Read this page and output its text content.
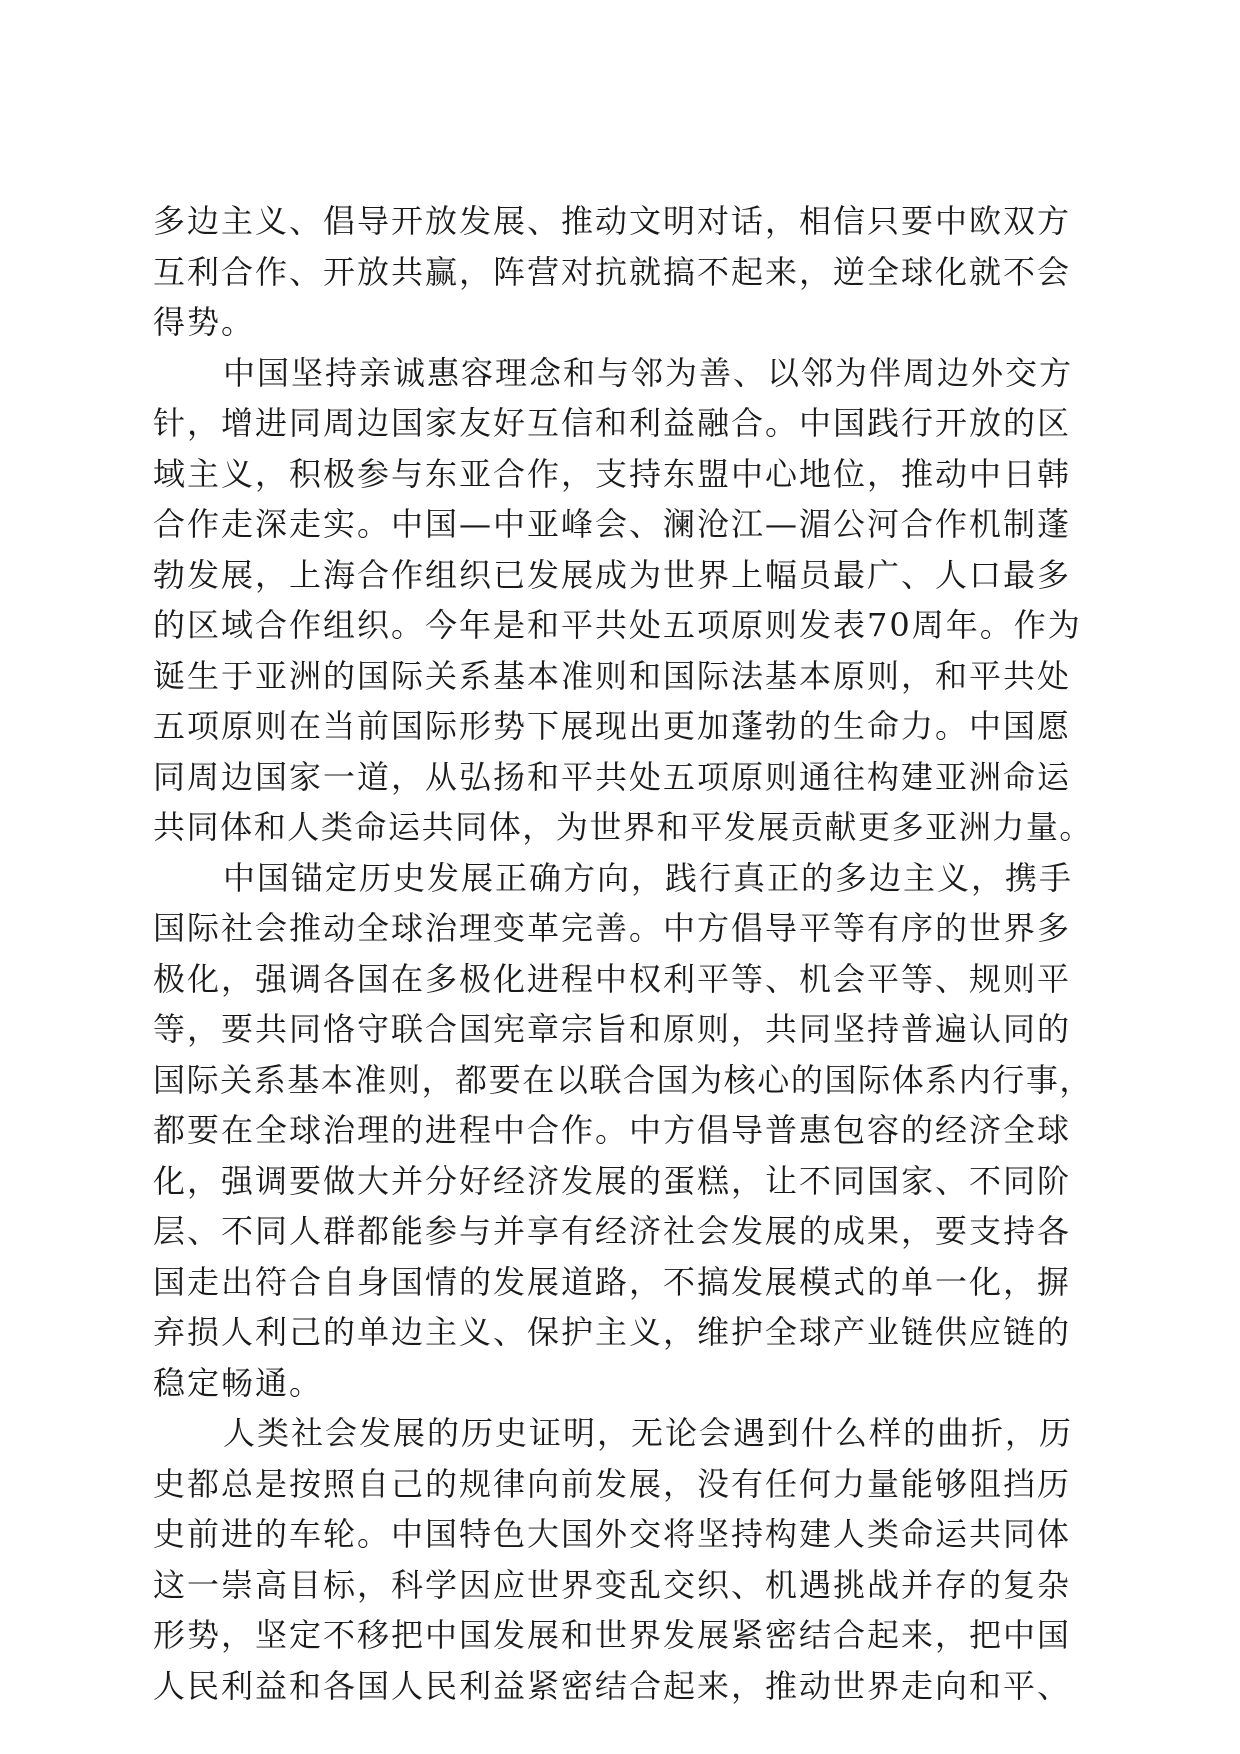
多边主义、倡导开放发展、推动文明对话，相信只要中欧双方
互利合作、开放共赢，阵营对抗就搞不起来，逆全球化就不会
得势。
中国坚持亲诚惠容理念和与邻为善、以邻为伴周边外交方
针，增进同周边国家友好互信和利益融合。中国践行开放的区
域主义，积极参与东亚合作，支持东盟中心地位，推动中日韩
合作走深走实。中国—中亚峰会、澜沧江—湄公河合作机制蓬
勃发展，上海合作组织已发展成为世界上幅员最广、人口最多
的区域合作组织。今年是和平共处五项原则发表70周年。作为
诞生于亚洲的国际关系基本准则和国际法基本原则，和平共处
五项原则在当前国际形势下展现出更加蓬勃的生命力。中国愿
同周边国家一道，从弘扬和平共处五项原则通往构建亚洲命运
共同体和人类命运共同体，为世界和平发展贡献更多亚洲力量。
中国锚定历史发展正确方向，践行真正的多边主义，携手
国际社会推动全球治理变革完善。中方倡导平等有序的世界多
极化，强调各国在多极化进程中权利平等、机会平等、规则平
等，要共同恪守联合国宪章宗旨和原则，共同坚持普遍认同的
国际关系基本准则，都要在以联合国为核心的国际体系内行事，
都要在全球治理的进程中合作。中方倡导普惠包容的经济全球
化，强调要做大并分好经济发展的蛋糕，让不同国家、不同阶
层、不同人群都能参与并享有经济社会发展的成果，要支持各
国走出符合自身国情的发展道路，不搞发展模式的单一化，摒
弃损人利己的单边主义、保护主义，维护全球产业链供应链的
稳定畅通。
人类社会发展的历史证明，无论会遇到什么样的曲折，历
史都总是按照自己的规律向前发展，没有任何力量能够阻挡历
史前进的车轮。中国特色大国外交将坚持构建人类命运共同体
这一崇高目标，科学因应世界变乱交织、机遇挑战并存的复杂
形势，坚定不移把中国发展和世界发展紧密结合起来，把中国
人民利益和各国人民利益紧密结合起来，推动世界走向和平、
